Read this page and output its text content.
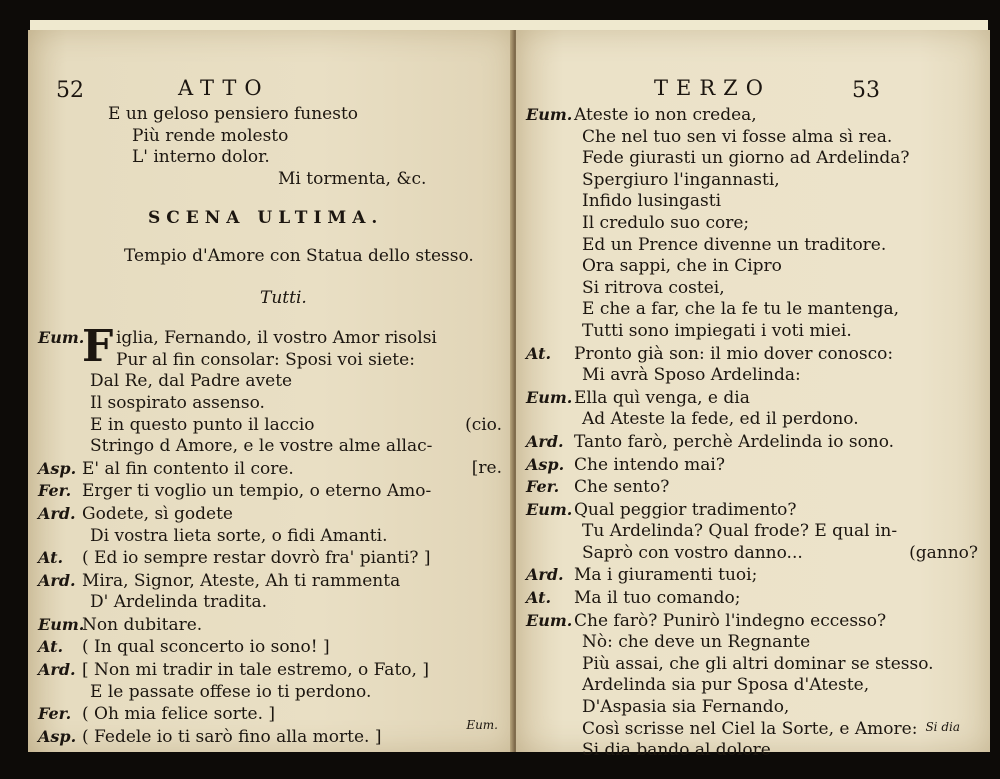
52	ATTO
E un geloso pensiero funesto
Più rende molesto
L' interno dolor.
Mi tormenta, &c.
SCENA ULTIMA.
Tempio d'Amore con Statua dello stesso.
Tutti.
Eum.
F iglia, Fernando, il vostro Amor risolsi
Pur al fin consolar: Sposi voi siete:
Dal Re, dal Padre avete
Il sospirato assenso.
E in questo punto il laccio	(cio.
Stringo d Amore, e le vostre alme allac-
Asp. E' al fin contento il core.	[re.
Fer. Erger ti voglio un tempio, o eterno Amo-
Ard. Godete, sì godete
Di vostra lieta sorte, o fidi Amanti.
At. ( Ed io sempre restar dovrò fra' pianti? ]
Ard. Mira, Signor, Ateste, Ah ti rammenta
D' Ardelinda tradita.
Eum.Non dubitare.
At. ( In qual sconcerto io sono! ]
Ard. [ Non mi tradir in tale estremo, o Fato, ]
E le passate offese io ti perdono.
Fer. ( Oh mia felice sorte. ]
Asp. ( Fedele io ti sarò fino alla morte. ]
Eum.
TERZO	53
Eum.Ateste io non credea,
Che nel tuo sen vi fosse alma sì rea.
Fede giurasti un giorno ad Ardelinda?
Spergiuro l'ingannasti,
Infido lusingasti
Il credulo suo core;
Ed un Prence divenne un traditore.
Ora sappi, che in Cipro
Si ritrova costei,
E che a far, che la fe tu le mantenga,
Tutti sono impiegati i voti miei.
At. Pronto già son: il mio dover conosco:
Mi avrà Sposo Ardelinda:
Eum.Ella quì venga, e dia
Ad Ateste la fede, ed il perdono.
Ard. Tanto farò, perchè Ardelinda io sono.
Asp. Che intendo mai?
Fer. Che sento?
Eum.Qual peggior tradimento?
Tu Ardelinda? Qual frode? E qual in-
Saprò con vostro danno...	(ganno?
Ard. Ma i giuramenti tuoi;
At. Ma il tuo comando;
Eum.Che farò? Punirò l'indegno eccesso?
Nò: che deve un Regnante
Più assai, che gli altri dominar se stesso.
Ardelinda sia pur Sposa d'Ateste,
D'Aspasia sia Fernando,
Così scrisse nel Ciel la Sorte, e Amore:
Si dia bando al dolore
Si dia
